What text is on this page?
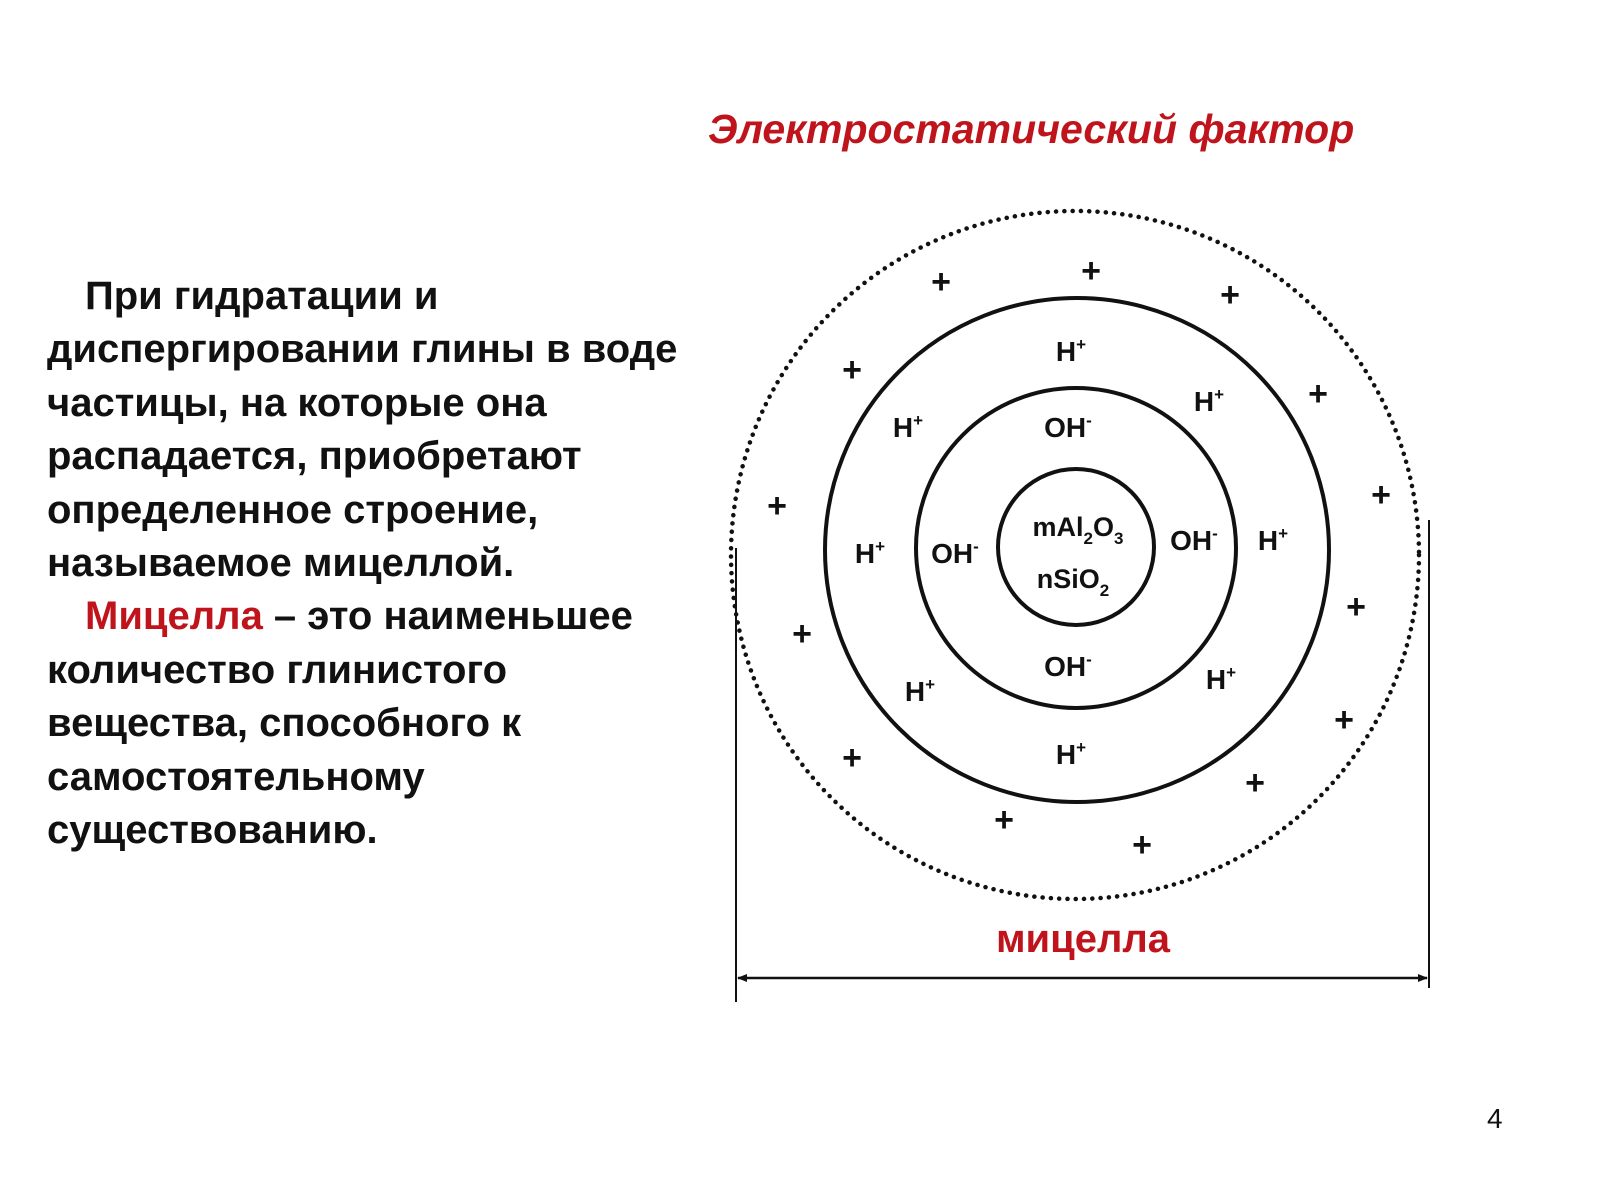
Электростатический фактор

При гидратации и диспергировании глины в воде частицы, на которые она распадается, приобретают определенное строение, называемое мицеллой.

Мицелла – это наименьшее количество глинистого вещества, способного к самостоятельному существованию.

$mAl_2O_3$
nSiO$_2$
OH-
OH-	OH-
OH-
H+
H+
H+
H+	H+
H+	H+
H+
+	+
+
+
+
+
+
+
+
+
+
+
+
+
мицелла
4
